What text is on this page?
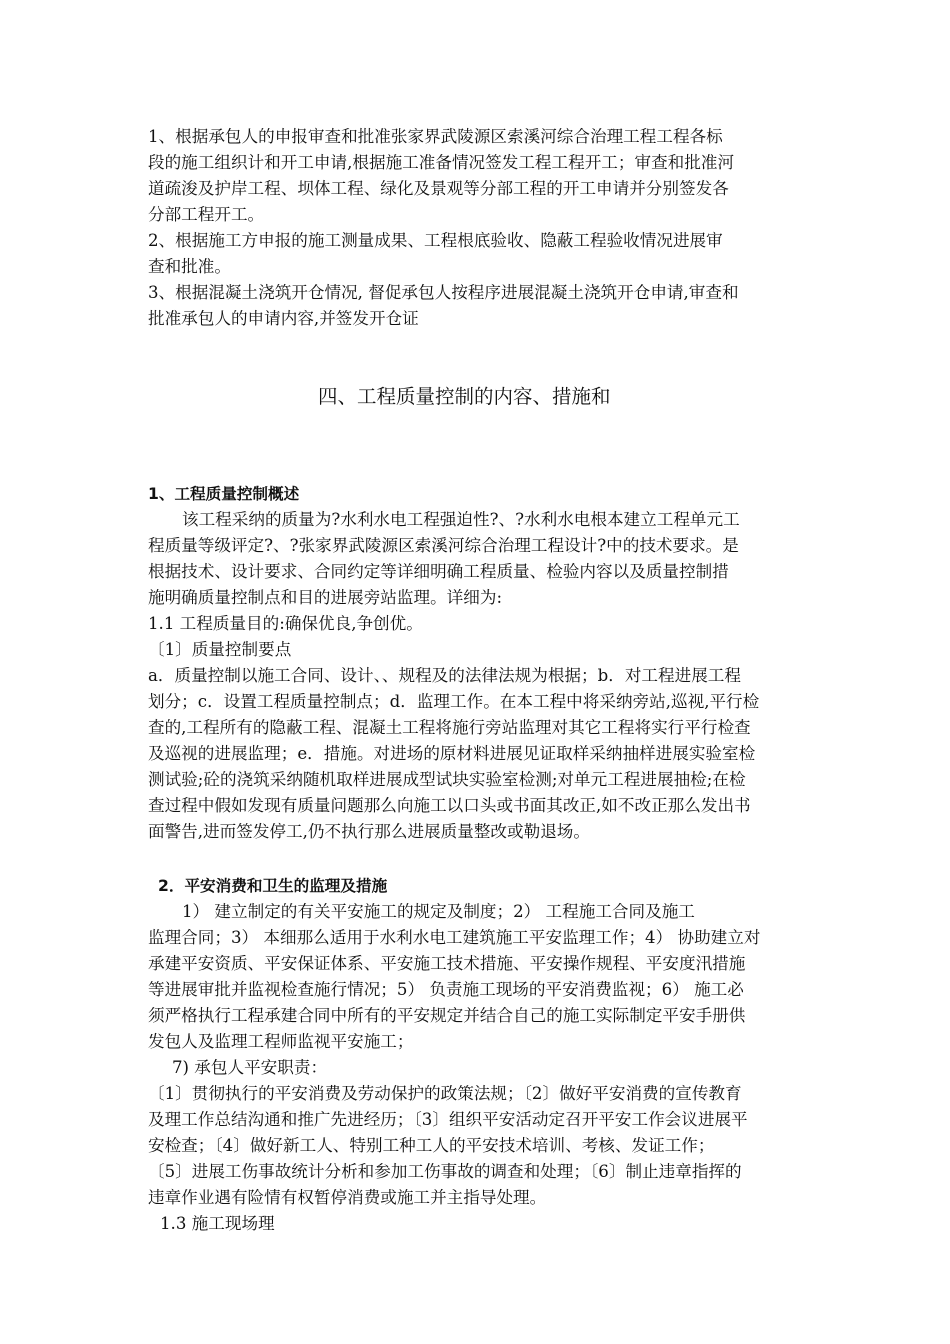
1、根据承包人的申报审查和批准张家界武陵源区索溪河综合治理工程工程各标
段的施工组织计和开工申请,根据施工准备情况签发工程工程开工；审查和批准河
道疏浚及护岸工程、坝体工程、绿化及景观等分部工程的开工申请并分别签发各
分部工程开工。
2、根据施工方申报的施工测量成果、工程根底验收、隐蔽工程验收情况进展审
查和批准。
3、根据混凝土浇筑开仓情况, 督促承包人按程序进展混凝土浇筑开仓申请,审查和
批准承包人的申请内容,并签发开仓证
四、工程质量控制的内容、措施和
1、工程质量控制概述
该工程采纳的质量为?水利水电工程强迫性?、?水利水电根本建立工程单元工
程质量等级评定?、?张家界武陵源区索溪河综合治理工程设计?中的技术要求。是
根据技术、设计要求、合同约定等详细明确工程质量、检验内容以及质量控制措
施明确质量控制点和目的进展旁站监理。详细为:
1.1 工程质量目的:确保优良,争创优。
〔1〕质量控制要点
a．质量控制以施工合同、设计、、规程及的法律法规为根据；b．对工程进展工程
划分；c．设置工程质量控制点；d．监理工作。在本工程中将采纳旁站,巡视,平行检
查的,工程所有的隐蔽工程、混凝土工程将施行旁站监理对其它工程将实行平行检查
及巡视的进展监理；e．措施。对进场的原材料进展见证取样采纳抽样进展实验室检
测试验;砼的浇筑采纳随机取样进展成型试块实验室检测;对单元工程进展抽检;在检
查过程中假如发现有质量问题那么向施工以口头或书面其改正,如不改正那么发出书
面警告,进而签发停工,仍不执行那么进展质量整改或勒退场。
2．平安消费和卫生的监理及措施
1） 建立制定的有关平安施工的规定及制度；2） 工程施工合同及施工
监理合同；3） 本细那么适用于水利水电工建筑施工平安监理工作；4） 协助建立对
承建平安资质、平安保证体系、平安施工技术措施、平安操作规程、平安度汛措施
等进展审批并监视检查施行情况；5） 负责施工现场的平安消费监视；6） 施工必
须严格执行工程承建合同中所有的平安规定并结合自己的施工实际制定平安手册供
发包人及监理工程师监视平安施工；
7) 承包人平安职责：
〔1〕贯彻执行的平安消费及劳动保护的政策法规；〔2〕做好平安消费的宣传教育
及理工作总结沟通和推广先进经历；〔3〕组织平安活动定召开平安工作会议进展平
安检查；〔4〕做好新工人、特别工种工人的平安技术培训、考核、发证工作；
〔5〕进展工伤事故统计分析和参加工伤事故的调查和处理；〔6〕制止违章指挥的
违章作业遇有险情有权暂停消费或施工并主指导处理。
1.3 施工现场理
